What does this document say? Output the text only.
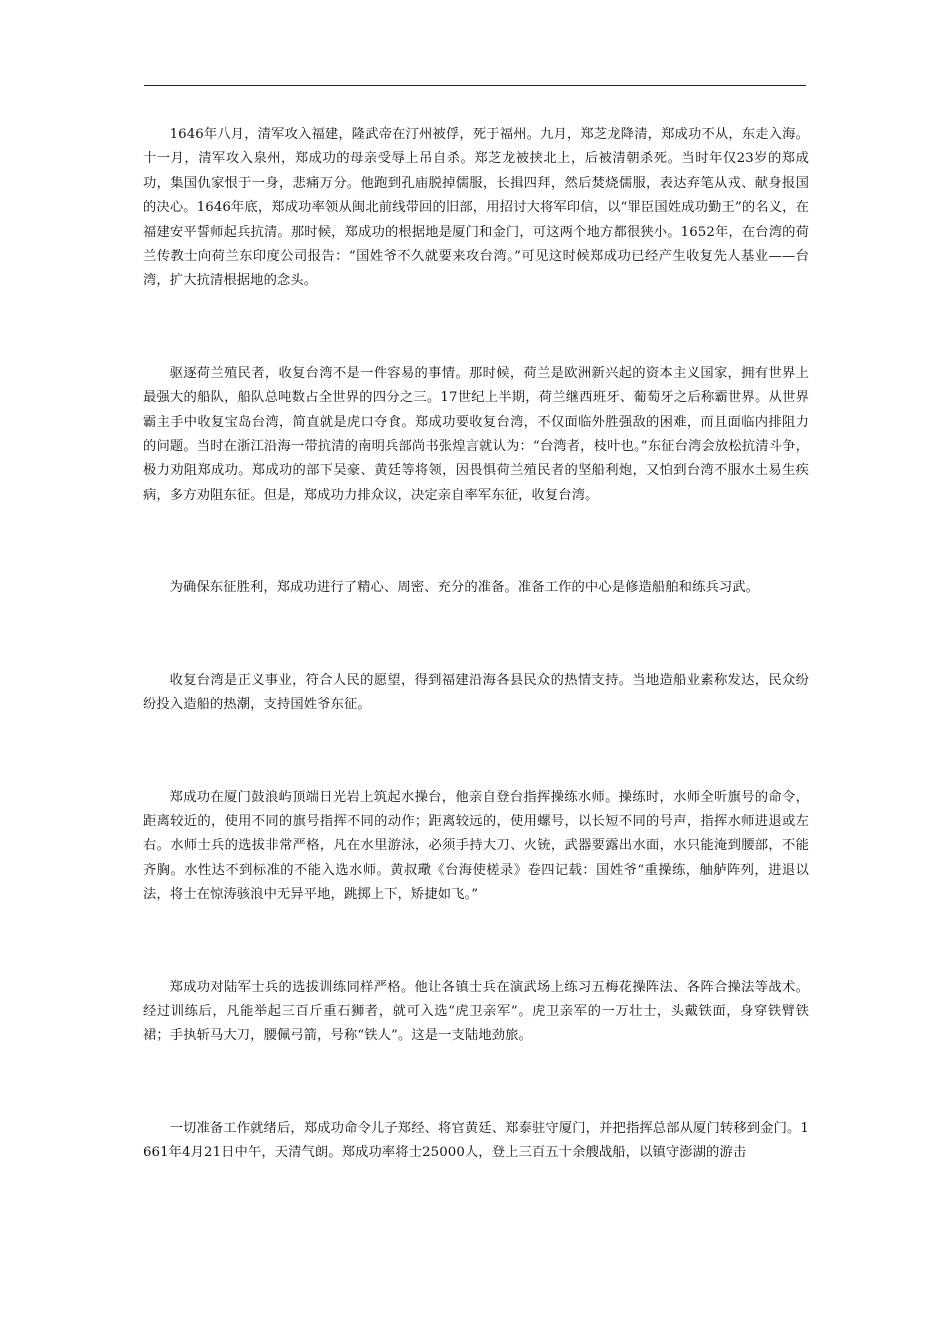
1646年八月，清军攻入福建，隆武帝在汀州被俘，死于福州。九月，郑芝龙降清，郑成功不从，东走入海。十一月，清军攻入泉州，郑成功的母亲受辱上吊自杀。郑芝龙被挟北上，后被清朝杀死。当时年仅23岁的郑成功，集国仇家恨于一身，悲痛万分。他跑到孔庙脱掉儒服，长揖四拜，然后焚烧儒服，表达弃笔从戎、献身报国的决心。1646年底，郑成功率领从闽北前线带回的旧部，用招讨大将军印信，以“罪臣国姓成功勤王”的名义，在福建安平誓师起兵抗清。那时候，郑成功的根据地是厦门和金门，可这两个地方都很狭小。1652年，在台湾的荷兰传教士向荷兰东印度公司报告：“国姓爷不久就要来攻台湾。”可见这时候郑成功已经产生收复先人基业——台湾，扩大抗清根据地的念头。

驱逐荷兰殖民者，收复台湾不是一件容易的事情。那时候，荷兰是欧洲新兴起的资本主义国家，拥有世界上最强大的船队，船队总吨数占全世界的四分之三。17世纪上半期，荷兰继西班牙、葡萄牙之后称霸世界。从世界霸主手中收复宝岛台湾，简直就是虎口夺食。郑成功要收复台湾，不仅面临外胜强敌的困难，而且面临内排阻力的问题。当时在浙江沿海一带抗清的南明兵部尚书张煌言就认为：“台湾者，枝叶也。”东征台湾会放松抗清斗争，极力劝阻郑成功。郑成功的部下吴豪、黄廷等将领，因畏惧荷兰殖民者的坚船利炮，又怕到台湾不服水土易生疾病，多方劝阻东征。但是，郑成功力排众议，决定亲自率军东征，收复台湾。

为确保东征胜利，郑成功进行了精心、周密、充分的准备。准备工作的中心是修造船舶和练兵习武。

收复台湾是正义事业，符合人民的愿望，得到福建沿海各县民众的热情支持。当地造船业素称发达，民众纷纷投入造船的热潮，支持国姓爷东征。

郑成功在厦门鼓浪屿顶端日光岩上筑起水操台，他亲自登台指挥操练水师。操练时，水师全听旗号的命令，距离较近的，使用不同的旗号指挥不同的动作；距离较远的，使用螺号，以长短不同的号声，指挥水师进退或左右。水师士兵的选拔非常严格，凡在水里游泳，必须手持大刀、火铳，武器要露出水面，水只能淹到腰部，不能齐胸。水性达不到标准的不能入选水师。黄叔璥《台海使槎录》卷四记载：国姓爷“重操练，舳舻阵列，进退以法，将士在惊涛骇浪中无异平地，跳掷上下，矫捷如飞。”

郑成功对陆军士兵的选拔训练同样严格。他让各镇士兵在演武场上练习五梅花操阵法、各阵合操法等战术。经过训练后，凡能举起三百斤重石狮者，就可入选“虎卫亲军”。虎卫亲军的一万壮士，头戴铁面，身穿铁臂铁裙；手执斩马大刀，腰佩弓箭，号称“铁人”。这是一支陆地劲旅。

一切准备工作就绪后，郑成功命令儿子郑经、将官黄廷、郑泰驻守厦门，并把指挥总部从厦门转移到金门。1661年4月21日中午，天清气朗。郑成功率将士25000人，登上三百五十余艘战船，以镇守澎湖的游击
